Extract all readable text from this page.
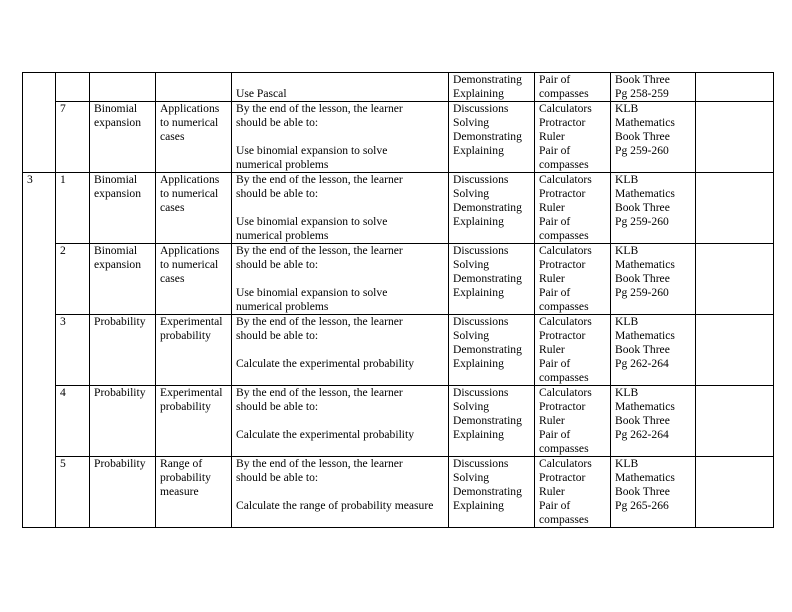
Use Pascal	Demonstrating
Explaining	Pair of
compasses	Book Three
Pg 258-259	
	7	Binomial
expansion	Applications
to numerical
cases	By the end of the lesson, the learner
should be able to:

Use binomial expansion to solve
numerical problems	Discussions
Solving
Demonstrating
Explaining	Calculators
Protractor
Ruler
Pair of
compasses	KLB
Mathematics
Book Three
Pg 259-260	
3	1	Binomial
expansion	Applications
to numerical
cases	By the end of the lesson, the learner
should be able to:

Use binomial expansion to solve
numerical problems	Discussions
Solving
Demonstrating
Explaining	Calculators
Protractor
Ruler
Pair of
compasses	KLB
Mathematics
Book Three
Pg 259-260	
	2	Binomial
expansion	Applications
to numerical
cases	By the end of the lesson, the learner
should be able to:

Use binomial expansion to solve
numerical problems	Discussions
Solving
Demonstrating
Explaining	Calculators
Protractor
Ruler
Pair of
compasses	KLB
Mathematics
Book Three
Pg 259-260	
	3	Probability	Experimental
probability	By the end of the lesson, the learner
should be able to:

Calculate the experimental probability	Discussions
Solving
Demonstrating
Explaining	Calculators
Protractor
Ruler
Pair of
compasses	KLB
Mathematics
Book Three
Pg 262-264	
	4	Probability	Experimental
probability	By the end of the lesson, the learner
should be able to:

Calculate the experimental probability	Discussions
Solving
Demonstrating
Explaining	Calculators
Protractor
Ruler
Pair of
compasses	KLB
Mathematics
Book Three
Pg 262-264	
	5	Probability	Range of
probability
measure	By the end of the lesson, the learner
should be able to:

Calculate the range of probability measure	Discussions
Solving
Demonstrating
Explaining	Calculators
Protractor
Ruler
Pair of
compasses	KLB
Mathematics
Book Three
Pg 265-266	
